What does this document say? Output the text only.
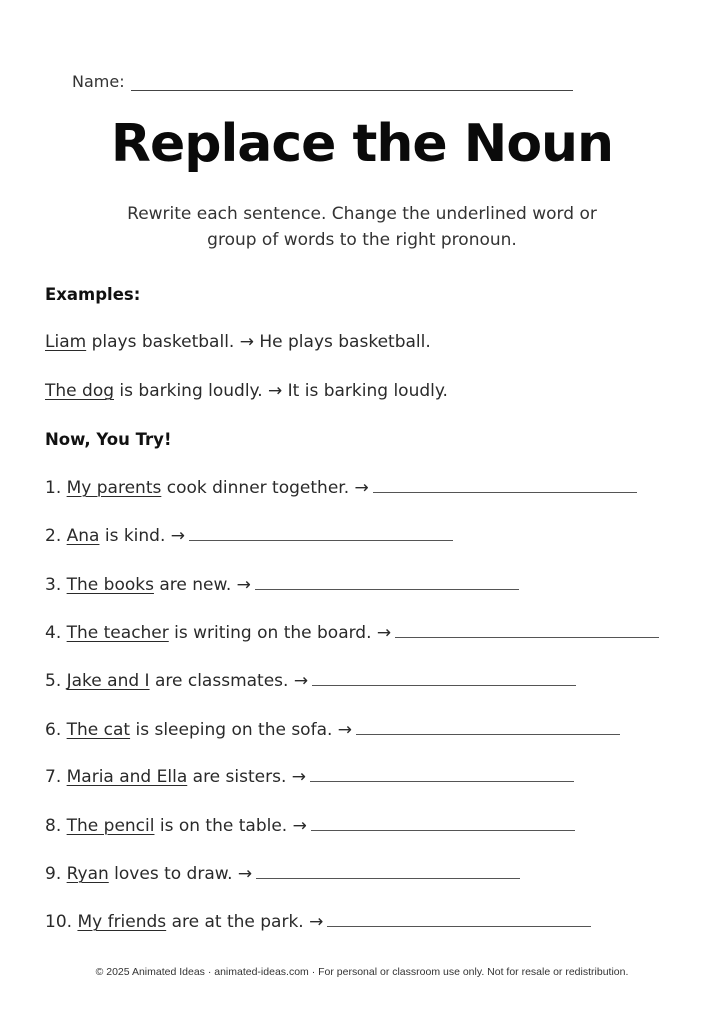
Name:
Replace the Noun
Rewrite each sentence. Change the underlined word or
group of words to the right pronoun.
Examples:
Liam plays basketball. → He plays basketball.
The dog is barking loudly. → It is barking loudly.
Now, You Try!
1. My parents cook dinner together. →
2. Ana is kind. →
3. The books are new. →
4. The teacher is writing on the board. →
5. Jake and I are classmates. →
6. The cat is sleeping on the sofa. →
7. Maria and Ella are sisters. →
8. The pencil is on the table. →
9. Ryan loves to draw. →
10. My friends are at the park. →
© 2025 Animated Ideas · animated-ideas.com · For personal or classroom use only. Not for resale or redistribution.
